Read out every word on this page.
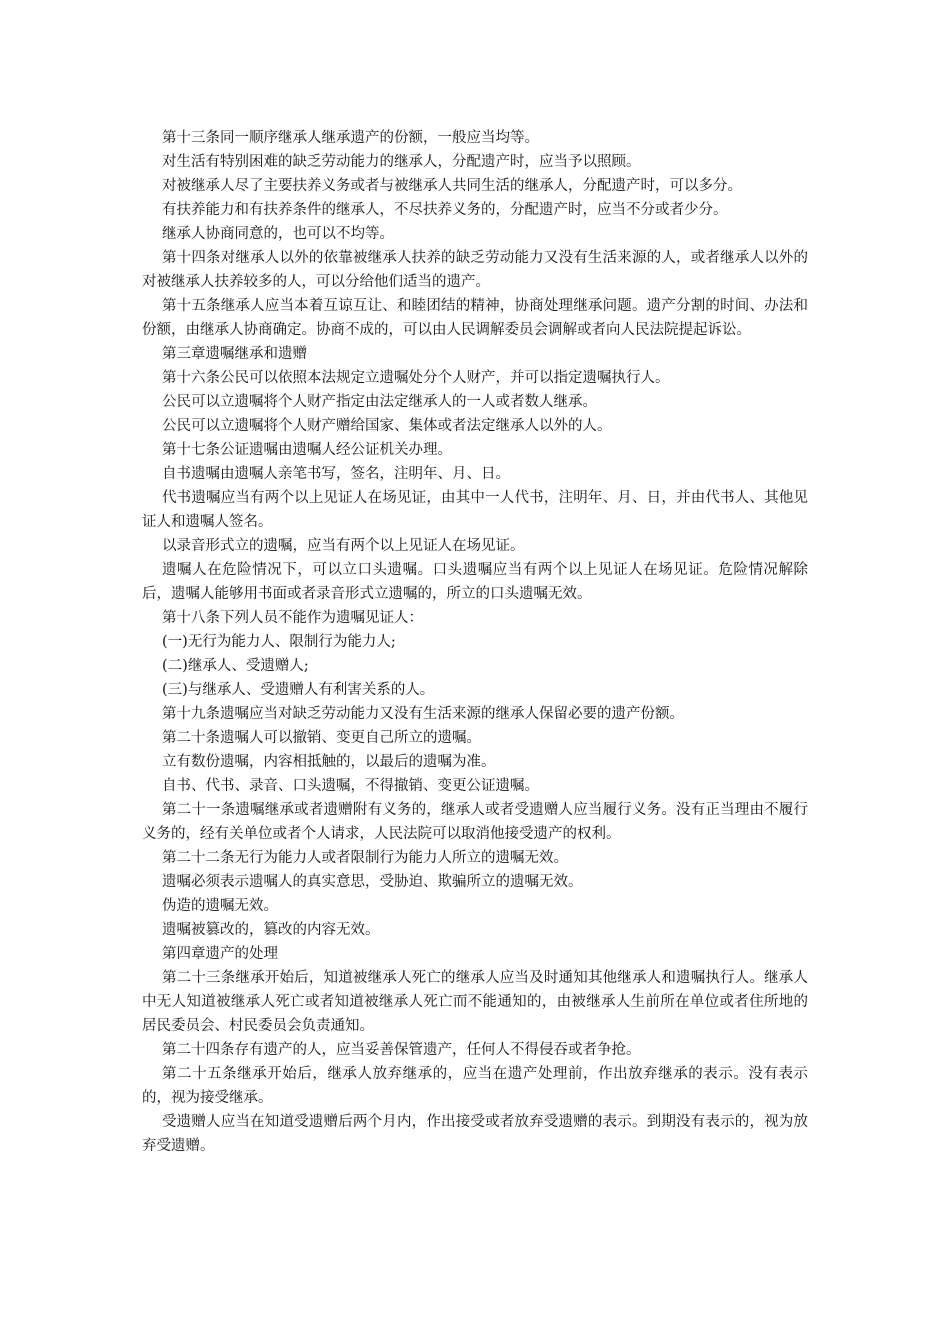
第十三条同一顺序继承人继承遗产的份额，一般应当均等。

对生活有特别困难的缺乏劳动能力的继承人，分配遗产时，应当予以照顾。

对被继承人尽了主要扶养义务或者与被继承人共同生活的继承人，分配遗产时，可以多分。

有扶养能力和有扶养条件的继承人，不尽扶养义务的，分配遗产时，应当不分或者少分。

继承人协商同意的，也可以不均等。

第十四条对继承人以外的依靠被继承人扶养的缺乏劳动能力又没有生活来源的人，或者继承人以外的对被继承人扶养较多的人，可以分给他们适当的遗产。

第十五条继承人应当本着互谅互让、和睦团结的精神，协商处理继承问题。遗产分割的时间、办法和份额，由继承人协商确定。协商不成的，可以由人民调解委员会调解或者向人民法院提起诉讼。

第三章遗嘱继承和遗赠

第十六条公民可以依照本法规定立遗嘱处分个人财产，并可以指定遗嘱执行人。

公民可以立遗嘱将个人财产指定由法定继承人的一人或者数人继承。

公民可以立遗嘱将个人财产赠给国家、集体或者法定继承人以外的人。

第十七条公证遗嘱由遗嘱人经公证机关办理。

自书遗嘱由遗嘱人亲笔书写，签名，注明年、月、日。

代书遗嘱应当有两个以上见证人在场见证，由其中一人代书，注明年、月、日，并由代书人、其他见证人和遗嘱人签名。

以录音形式立的遗嘱，应当有两个以上见证人在场见证。

遗嘱人在危险情况下，可以立口头遗嘱。口头遗嘱应当有两个以上见证人在场见证。危险情况解除后，遗嘱人能够用书面或者录音形式立遗嘱的，所立的口头遗嘱无效。

第十八条下列人员不能作为遗嘱见证人：

(一)无行为能力人、限制行为能力人;

(二)继承人、受遗赠人;

(三)与继承人、受遗赠人有利害关系的人。

第十九条遗嘱应当对缺乏劳动能力又没有生活来源的继承人保留必要的遗产份额。

第二十条遗嘱人可以撤销、变更自己所立的遗嘱。

立有数份遗嘱，内容相抵触的，以最后的遗嘱为准。

自书、代书、录音、口头遗嘱，不得撤销、变更公证遗嘱。

第二十一条遗嘱继承或者遗赠附有义务的，继承人或者受遗赠人应当履行义务。没有正当理由不履行义务的，经有关单位或者个人请求，人民法院可以取消他接受遗产的权利。

第二十二条无行为能力人或者限制行为能力人所立的遗嘱无效。

遗嘱必须表示遗嘱人的真实意思，受胁迫、欺骗所立的遗嘱无效。

伪造的遗嘱无效。

遗嘱被篡改的，篡改的内容无效。

第四章遗产的处理

第二十三条继承开始后，知道被继承人死亡的继承人应当及时通知其他继承人和遗嘱执行人。继承人中无人知道被继承人死亡或者知道被继承人死亡而不能通知的，由被继承人生前所在单位或者住所地的居民委员会、村民委员会负责通知。

第二十四条存有遗产的人，应当妥善保管遗产，任何人不得侵吞或者争抢。

第二十五条继承开始后，继承人放弃继承的，应当在遗产处理前，作出放弃继承的表示。没有表示的，视为接受继承。

受遗赠人应当在知道受遗赠后两个月内，作出接受或者放弃受遗赠的表示。到期没有表示的，视为放弃受遗赠。
